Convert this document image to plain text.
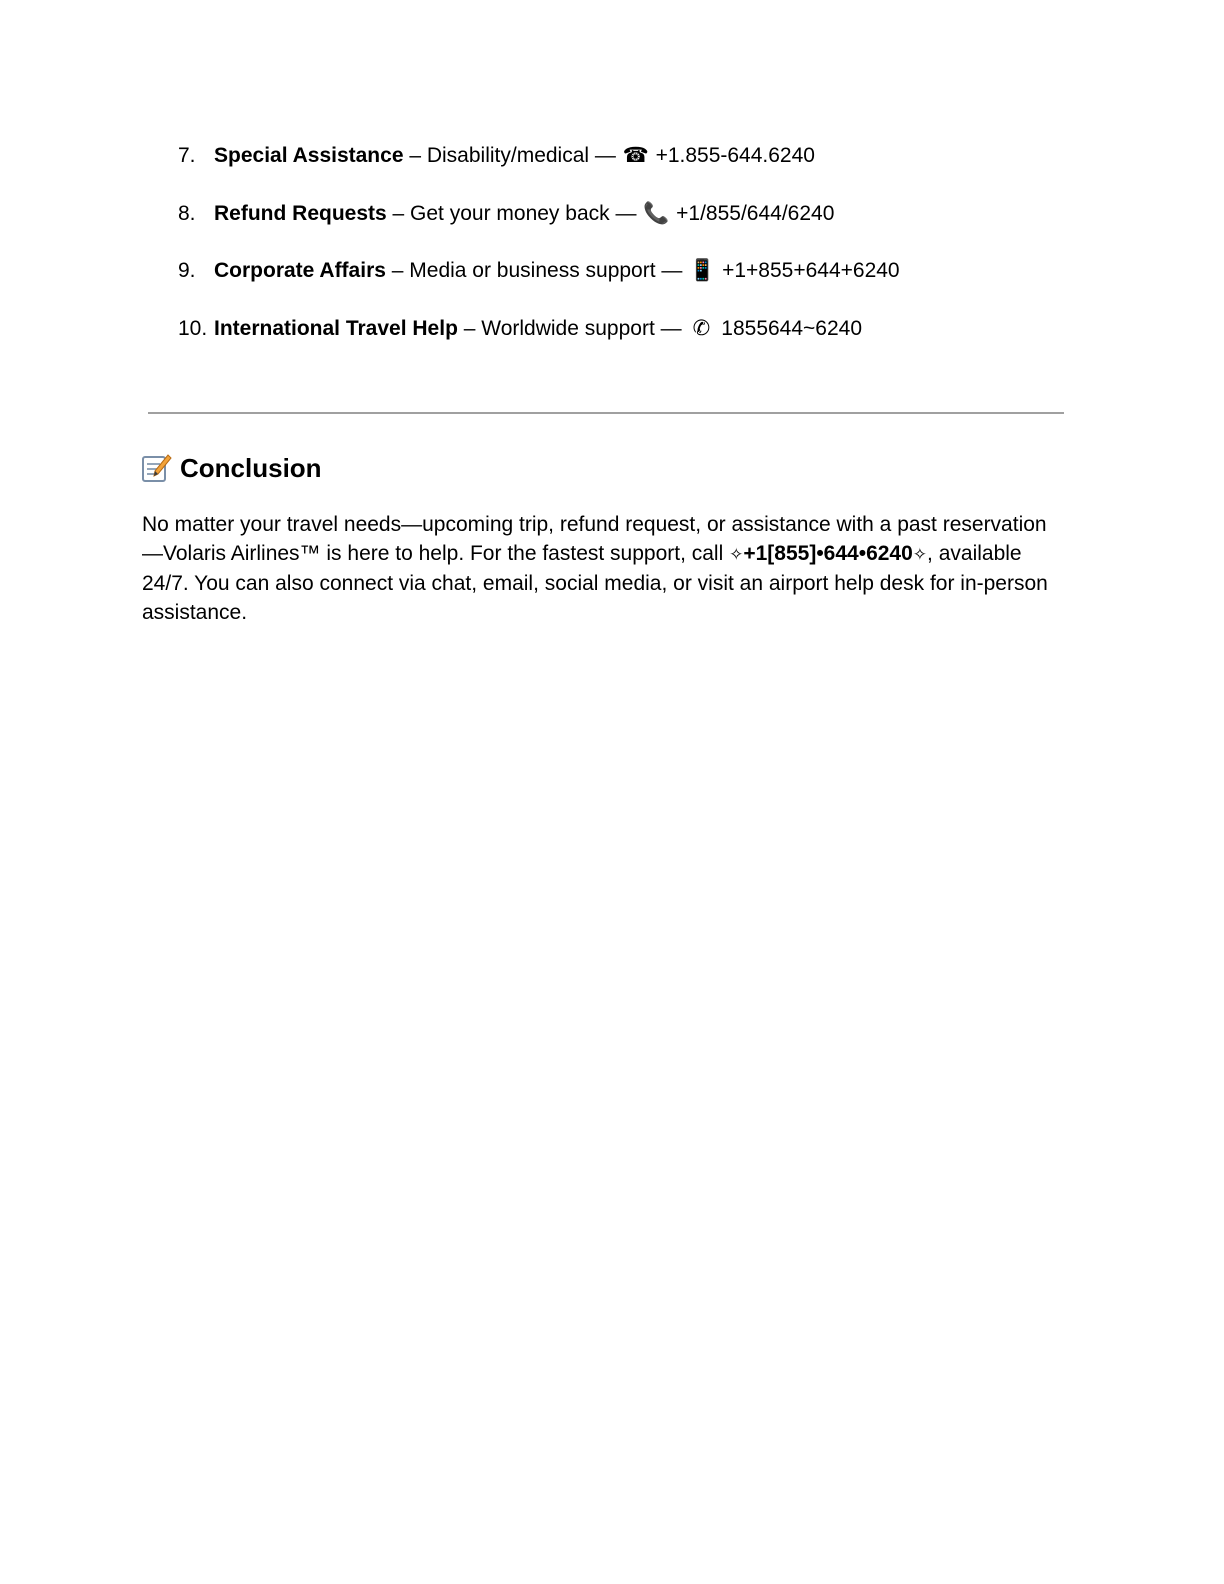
7. Special Assistance – Disability/medical — ☎ +1.855-644.6240
8. Refund Requests – Get your money back — 📞 +1/855/644/6240
9. Corporate Affairs – Media or business support — 📱 +1+855+644+6240
10. International Travel Help – Worldwide support — ✆ 1855644~6240
Conclusion
No matter your travel needs—upcoming trip, refund request, or assistance with a past reservation—Volaris Airlines™ is here to help. For the fastest support, call ✧+1[855]•644•6240✧, available 24/7. You can also connect via chat, email, social media, or visit an airport help desk for in-person assistance.
